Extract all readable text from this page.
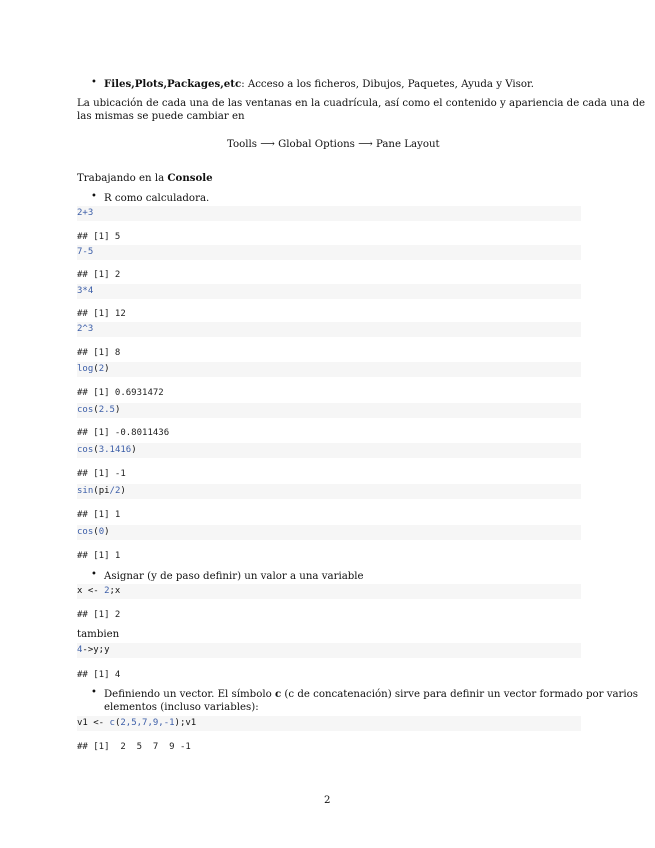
• Files,Plots,Packages,etc: Acceso a los ficheros, Dibujos, Paquetes, Ayuda y Visor.
La ubicación de cada una de las ventanas en la cuadrícula, así como el contenido y apariencia de cada una de
las mismas se puede cambiar en
Toolls ⟶ Global Options ⟶ Pane Layout
Trabajando en la Console
• R como calculadora.
2+3
## [1] 5
7-5
## [1] 2
3*4
## [1] 12
2^3
## [1] 8
log(2)
## [1] 0.6931472
cos(2.5)
## [1] -0.8011436
cos(3.1416)
## [1] -1
sin(pi/2)
## [1] 1
cos(0)
## [1] 1
• Asignar (y de paso definir) un valor a una variable
x <- 2;x
## [1] 2
tambien
4->y;y
## [1] 4
• Definiendo un vector. El símbolo c (c de concatenación) sirve para definir un vector formado por varios
elementos (incluso variables):
v1 <- c(2,5,7,9,-1);v1
## [1]  2  5  7  9 -1
2
